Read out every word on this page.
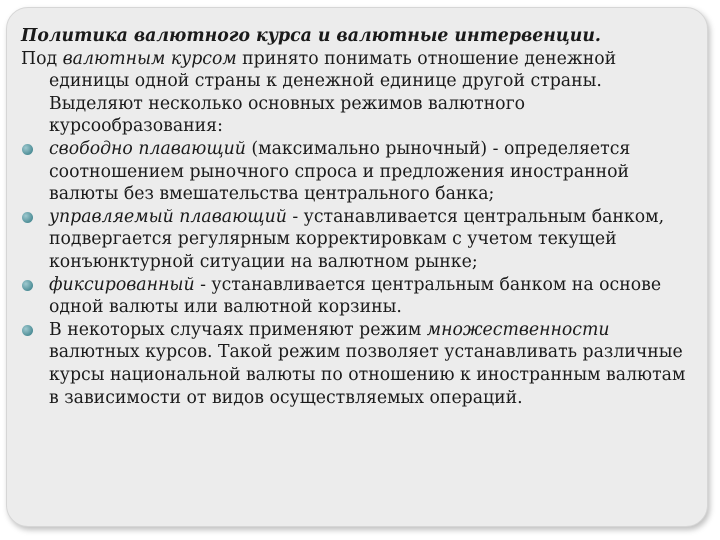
Политика валютного курса и валютные интервенции.

Под валютным курсом принято понимать отношение денежной единицы одной страны к денежной единице другой страны. Выделяют несколько основных режимов валютного курсообразования:

свободно плавающий (максимально рыночный) - определяется соотношением рыночного спроса и предложения иностранной валюты без вмешательства центрального банка;

управляемый плавающий - устанавливается центральным банком, подвергается регулярным корректировкам с учетом текущей конъюнктурной ситуации на валютном рынке;

фиксированный - устанавливается центральным банком на основе одной валюты или валютной корзины.

В некоторых случаях применяют режим множественности валютных курсов. Такой режим позволяет устанавливать различные курсы национальной валюты по отношению к иностранным валютам в зависимости от видов осуществляемых операций.
